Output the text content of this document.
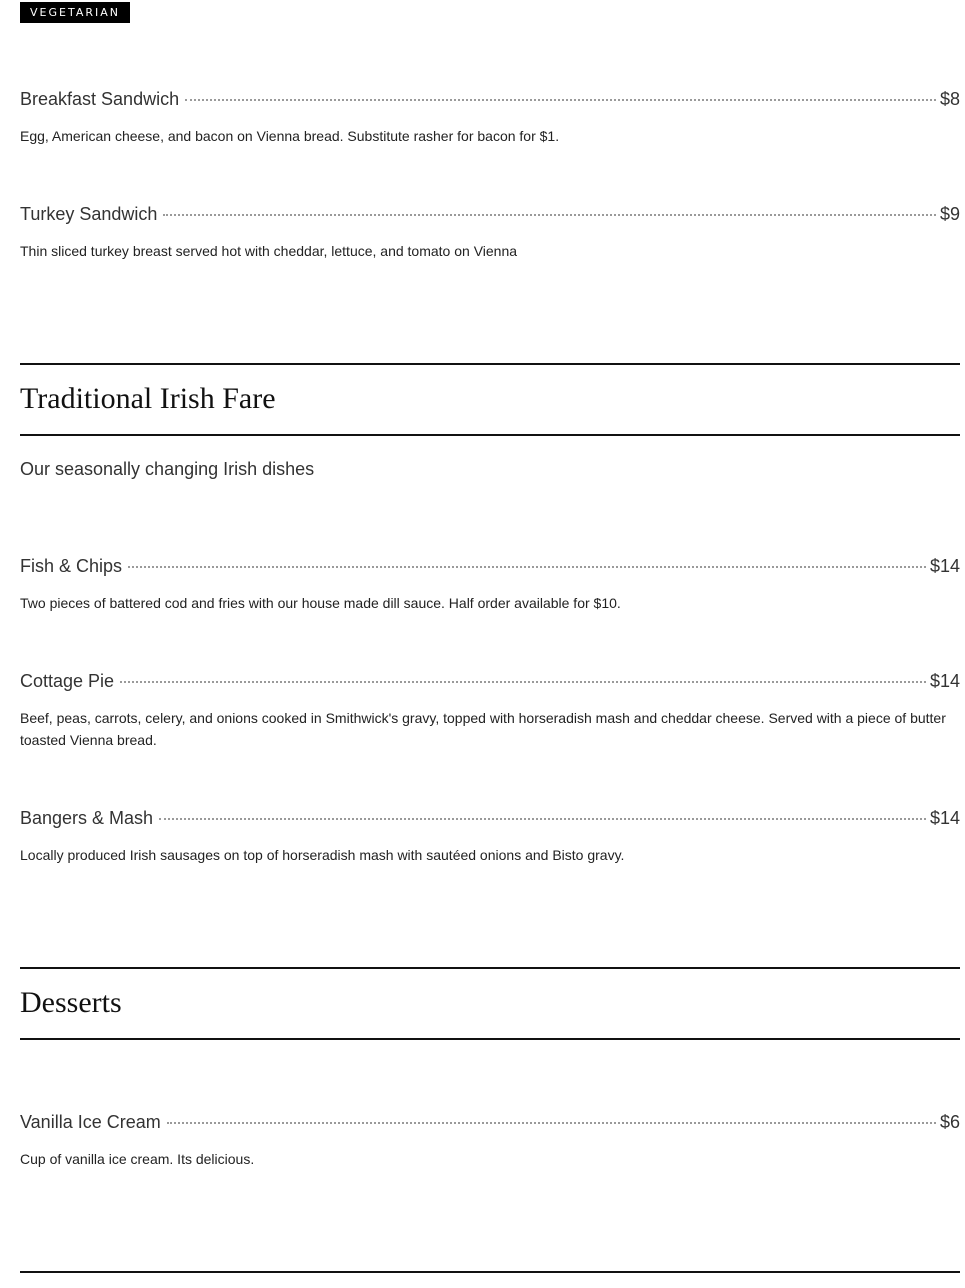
VEGETARIAN
Breakfast Sandwich	$8
Egg, American cheese, and bacon on Vienna bread. Substitute rasher for bacon for $1.
Turkey Sandwich	$9
Thin sliced turkey breast served hot with cheddar, lettuce, and tomato on Vienna
Traditional Irish Fare
Our seasonally changing Irish dishes
Fish & Chips	$14
Two pieces of battered cod and fries with our house made dill sauce. Half order available for $10.
Cottage Pie	$14
Beef, peas, carrots, celery, and onions cooked in Smithwick's gravy, topped with horseradish mash and cheddar cheese. Served with a piece of butter toasted Vienna bread.
Bangers & Mash	$14
Locally produced Irish sausages on top of horseradish mash with sautéed onions and Bisto gravy.
Desserts
Vanilla Ice Cream	$6
Cup of vanilla ice cream. Its delicious.
